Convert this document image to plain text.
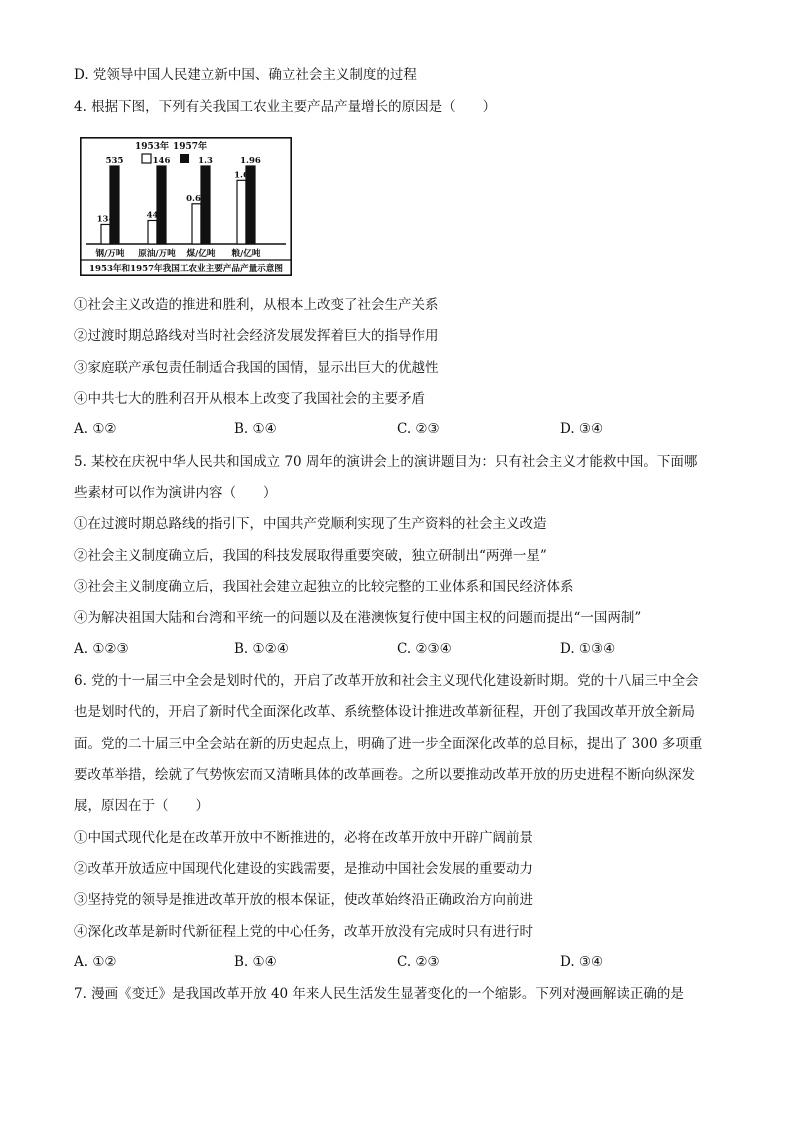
D. 党领导中国人民建立新中国、确立社会主义制度的过程
4. 根据下图，下列有关我国工农业主要产品产量增长的原因是（　　）
134
535
44
146
0.67
1.3
1.6
1.96
钢/万吨 原油/万吨 煤/亿吨 粮/亿吨
1953年 1957年
1953年和1957年我国工农业主要产品产量示意图
①社会主义改造的推进和胜利，从根本上改变了社会生产关系
②过渡时期总路线对当时社会经济发展发挥着巨大的指导作用
③家庭联产承包责任制适合我国的国情，显示出巨大的优越性
④中共七大的胜利召开从根本上改变了我国社会的主要矛盾
A. ①②	B. ①④	C. ②③	D. ③④
5. 某校在庆祝中华人民共和国成立 70 周年的演讲会上的演讲题目为：只有社会主义才能救中国。下面哪
些素材可以作为演讲内容（　　）
①在过渡时期总路线的指引下，中国共产党顺利实现了生产资料的社会主义改造
②社会主义制度确立后，我国的科技发展取得重要突破，独立研制出“两弹一星”
③社会主义制度确立后，我国社会建立起独立的比较完整的工业体系和国民经济体系
④为解决祖国大陆和台湾和平统一的问题以及在港澳恢复行使中国主权的问题而提出“一国两制”
A. ①②③	B. ①②④	C. ②③④	D. ①③④
6. 党的十一届三中全会是划时代的，开启了改革开放和社会主义现代化建设新时期。党的十八届三中全会
也是划时代的，开启了新时代全面深化改革、系统整体设计推进改革新征程，开创了我国改革开放全新局
面。党的二十届三中全会站在新的历史起点上，明确了进一步全面深化改革的总目标，提出了 300 多项重
要改革举措，绘就了气势恢宏而又清晰具体的改革画卷。之所以要推动改革开放的历史进程不断向纵深发
展，原因在于（　　）
①中国式现代化是在改革开放中不断推进的，必将在改革开放中开辟广阔前景
②改革开放适应中国现代化建设的实践需要，是推动中国社会发展的重要动力
③坚持党的领导是推进改革开放的根本保证，使改革始终沿正确政治方向前进
④深化改革是新时代新征程上党的中心任务，改革开放没有完成时只有进行时
A. ①②	B. ①④	C. ②③	D. ③④
7. 漫画《变迁》是我国改革开放 40 年来人民生活发生显著变化的一个缩影。下列对漫画解读正确的是
